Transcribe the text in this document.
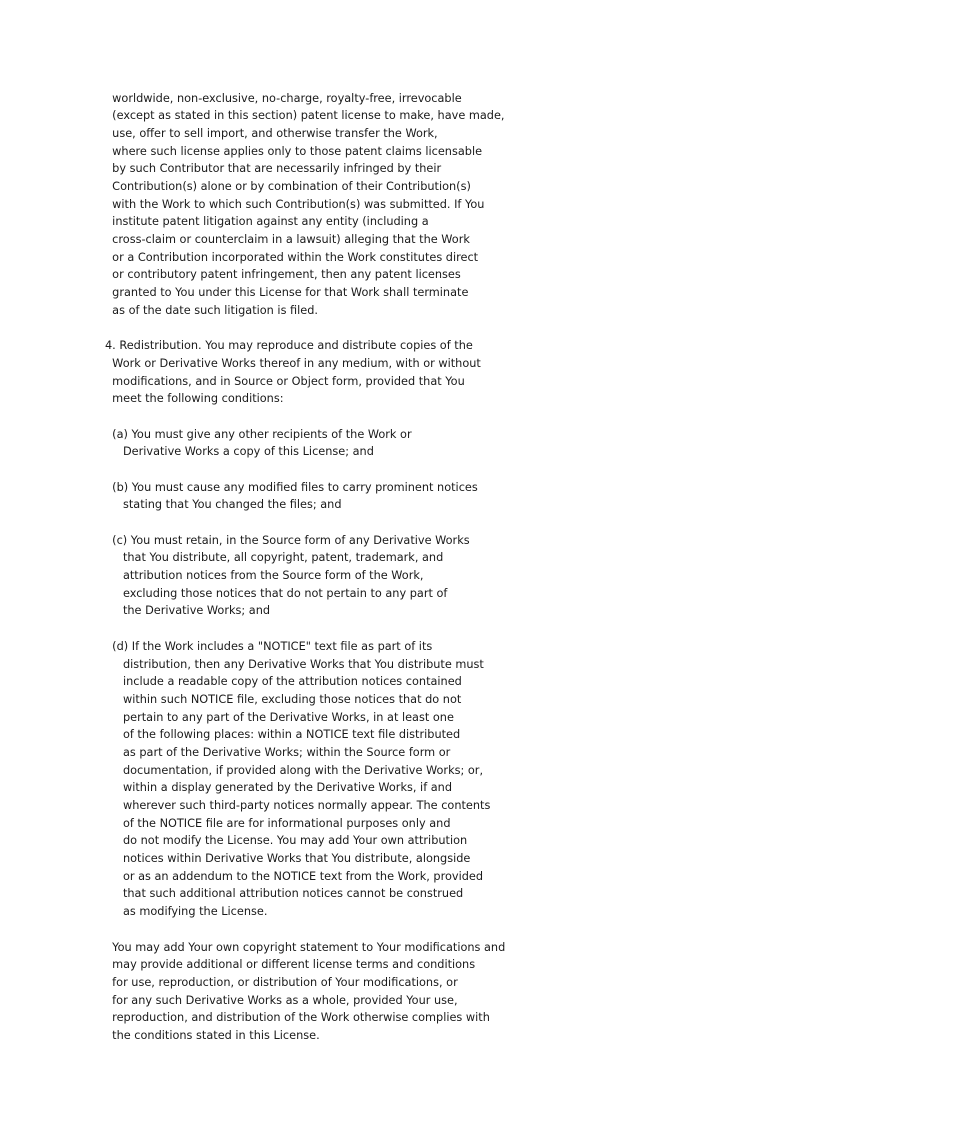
worldwide, non-exclusive, no-charge, royalty-free, irrevocable
(except as stated in this section) patent license to make, have made,
use, offer to sell import, and otherwise transfer the Work,
where such license applies only to those patent claims licensable
by such Contributor that are necessarily infringed by their
Contribution(s) alone or by combination of their Contribution(s)
with the Work to which such Contribution(s) was submitted. If You
institute patent litigation against any entity (including a
cross-claim or counterclaim in a lawsuit) alleging that the Work
or a Contribution incorporated within the Work constitutes direct
or contributory patent infringement, then any patent licenses
granted to You under this License for that Work shall terminate
as of the date such litigation is filed.
4. Redistribution. You may reproduce and distribute copies of the
Work or Derivative Works thereof in any medium, with or without
modifications, and in Source or Object form, provided that You
meet the following conditions:
(a) You must give any other recipients of the Work or
Derivative Works a copy of this License; and
(b) You must cause any modified files to carry prominent notices
stating that You changed the files; and
(c) You must retain, in the Source form of any Derivative Works
that You distribute, all copyright, patent, trademark, and
attribution notices from the Source form of the Work,
excluding those notices that do not pertain to any part of
the Derivative Works; and
(d) If the Work includes a "NOTICE" text file as part of its
distribution, then any Derivative Works that You distribute must
include a readable copy of the attribution notices contained
within such NOTICE file, excluding those notices that do not
pertain to any part of the Derivative Works, in at least one
of the following places: within a NOTICE text file distributed
as part of the Derivative Works; within the Source form or
documentation, if provided along with the Derivative Works; or,
within a display generated by the Derivative Works, if and
wherever such third-party notices normally appear. The contents
of the NOTICE file are for informational purposes only and
do not modify the License. You may add Your own attribution
notices within Derivative Works that You distribute, alongside
or as an addendum to the NOTICE text from the Work, provided
that such additional attribution notices cannot be construed
as modifying the License.
You may add Your own copyright statement to Your modifications and
may provide additional or different license terms and conditions
for use, reproduction, or distribution of Your modifications, or
for any such Derivative Works as a whole, provided Your use,
reproduction, and distribution of the Work otherwise complies with
the conditions stated in this License.
